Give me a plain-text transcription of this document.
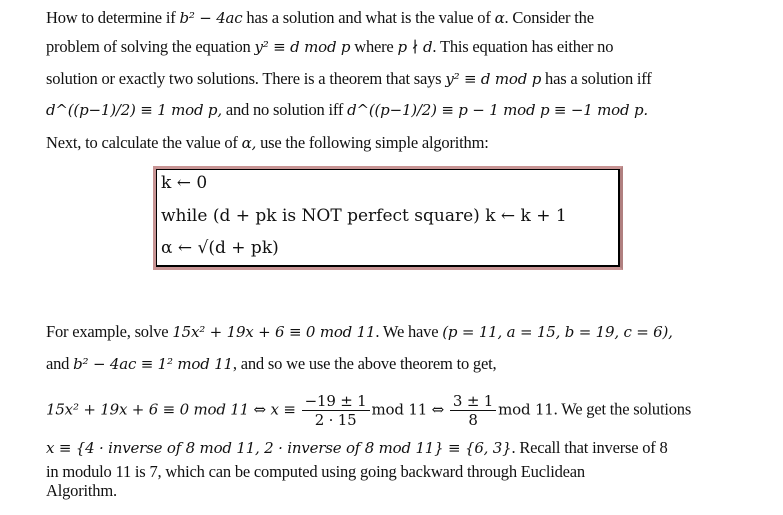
How to determine if b² − 4ac has a solution and what is the value of α. Consider the
problem of solving the equation y² ≡ d mod p where p ∤ d. This equation has either no
solution or exactly two solutions. There is a theorem that says y² ≡ d mod p has a solution iff
d^((p−1)/2) ≡ 1 mod p, and no solution iff d^((p−1)/2) ≡ p − 1 mod p ≡ −1 mod p.
Next, to calculate the value of α, use the following simple algorithm:
k ← 0
while (d + pk is NOT perfect square) k ← k + 1
α ← √(d + pk)
For example, solve 15x² + 19x + 6 ≡ 0 mod 11. We have (p = 11, a = 15, b = 19, c = 6),
and b² − 4ac ≡ 1² mod 11, and so we use the above theorem to get,
15x² + 19x + 6 ≡ 0 mod 11 ⇔ $x \equiv \frac{-19 \pm 1}{2 \cdot 15}$ mod 11 ⇔ $\frac{3 \pm 1}{8}$ mod 11. We get the solutions
x ≡ {4 · inverse of 8 mod 11, 2 · inverse of 8 mod 11} ≡ {6, 3}. Recall that inverse of 8
in modulo 11 is 7, which can be computed using going backward through Euclidean
Algorithm.
